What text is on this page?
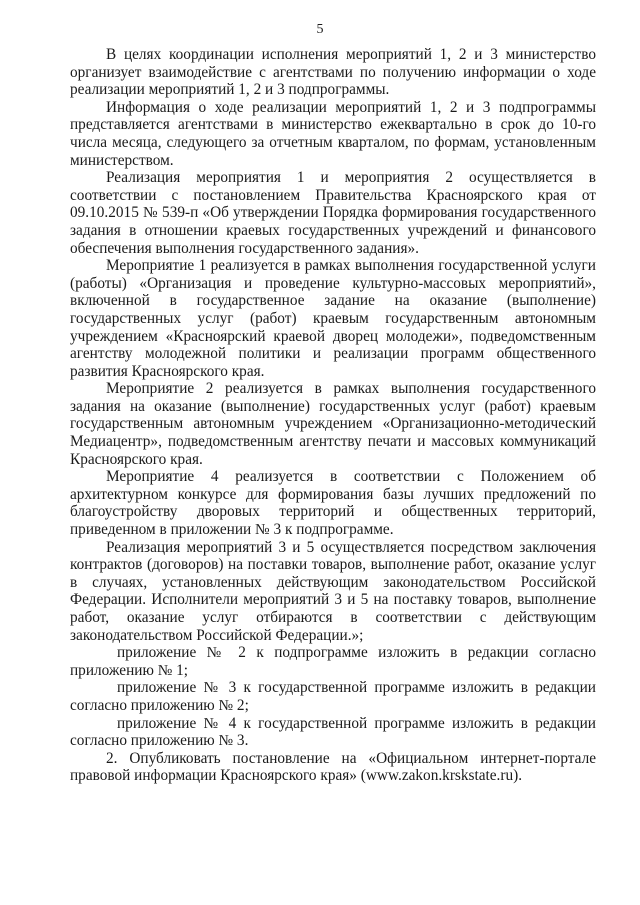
5

В целях координации исполнения мероприятий 1, 2 и 3 министерство организует взаимодействие с агентствами по получению информации о ходе реализации мероприятий 1, 2 и 3 подпрограммы.

Информация о ходе реализации мероприятий 1, 2 и 3 подпрограммы представляется агентствами в министерство ежеквартально в срок до 10-го числа месяца, следующего за отчетным кварталом, по формам, установленным министерством.

Реализация мероприятия 1 и мероприятия 2 осуществляется в соответствии с постановлением Правительства Красноярского края от 09.10.2015 № 539-п «Об утверждении Порядка формирования государственного задания в отношении краевых государственных учреждений и финансового обеспечения выполнения государственного задания».

Мероприятие 1 реализуется в рамках выполнения государственной услуги (работы) «Организация и проведение культурно-массовых мероприятий», включенной в государственное задание на оказание (выполнение) государственных услуг (работ) краевым государственным автономным учреждением «Красноярский краевой дворец молодежи», подведомственным агентству молодежной политики и реализации программ общественного развития Красноярского края.

Мероприятие 2 реализуется в рамках выполнения государственного задания на оказание (выполнение) государственных услуг (работ) краевым государственным автономным учреждением «Организационно-методический Медиацентр», подведомственным агентству печати и массовых коммуникаций Красноярского края.

Мероприятие 4 реализуется в соответствии с Положением об архитектурном конкурсе для формирования базы лучших предложений по благоустройству дворовых территорий и общественных территорий, приведенном в приложении № 3 к подпрограмме.

Реализация мероприятий 3 и 5 осуществляется посредством заключения контрактов (договоров) на поставки товаров, выполнение работ, оказание услуг в случаях, установленных действующим законодательством Российской Федерации. Исполнители мероприятий 3 и 5 на поставку товаров, выполнение работ, оказание услуг отбираются в соответствии с действующим законодательством Российской Федерации.»;

приложение № 2 к подпрограмме изложить в редакции согласно приложению № 1;

приложение № 3 к государственной программе изложить в редакции согласно приложению № 2;

приложение № 4 к государственной программе изложить в редакции согласно приложению № 3.

2. Опубликовать постановление на «Официальном интернет-портале правовой информации Красноярского края» (www.zakon.krskstate.ru).
